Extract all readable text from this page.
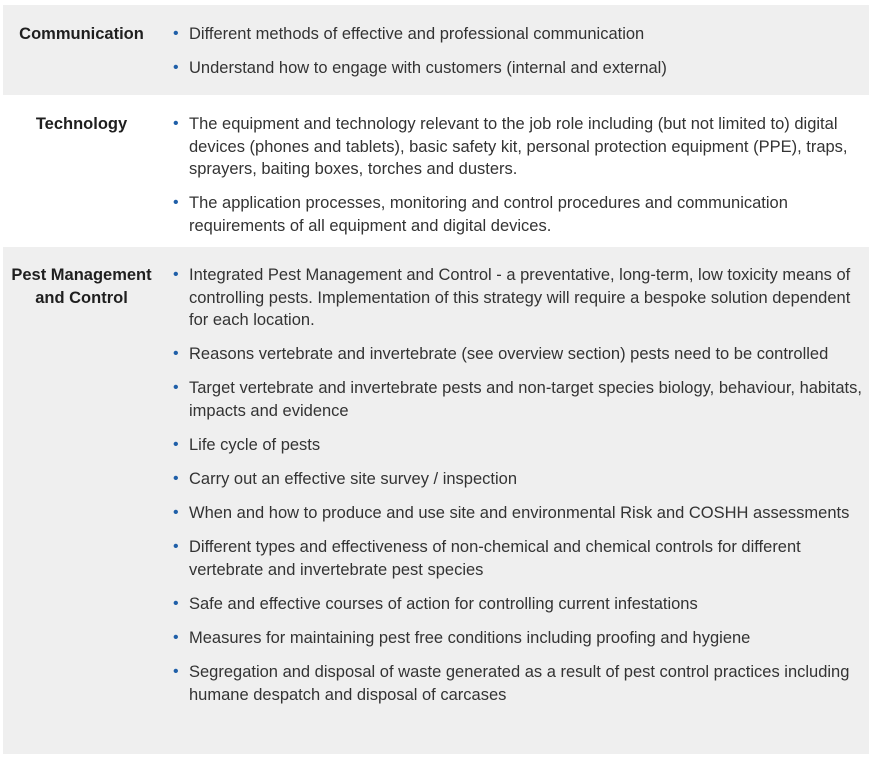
Communication	• Different methods of effective and professional communication
• Understand how to engage with customers (internal and external)
Technology	• The equipment and technology relevant to the job role including (but not limited to) digital devices (phones and tablets), basic safety kit, personal protection equipment (PPE), traps, sprayers, baiting boxes, torches and dusters.
• The application processes, monitoring and control procedures and communication requirements of all equipment and digital devices.
Pest Management and Control
• Integrated Pest Management and Control - a preventative, long-term, low toxicity means of controlling pests. Implementation of this strategy will require a bespoke solution dependent for each location.
• Reasons vertebrate and invertebrate (see overview section) pests need to be controlled
• Target vertebrate and invertebrate pests and non-target species biology, behaviour, habitats, impacts and evidence
• Life cycle of pests
• Carry out an effective site survey / inspection
• When and how to produce and use site and environmental Risk and COSHH assessments
• Different types and effectiveness of non-chemical and chemical controls for different vertebrate and invertebrate pest species
• Safe and effective courses of action for controlling current infestations
• Measures for maintaining pest free conditions including proofing and hygiene
• Segregation and disposal of waste generated as a result of pest control practices including humane despatch and disposal of carcases
